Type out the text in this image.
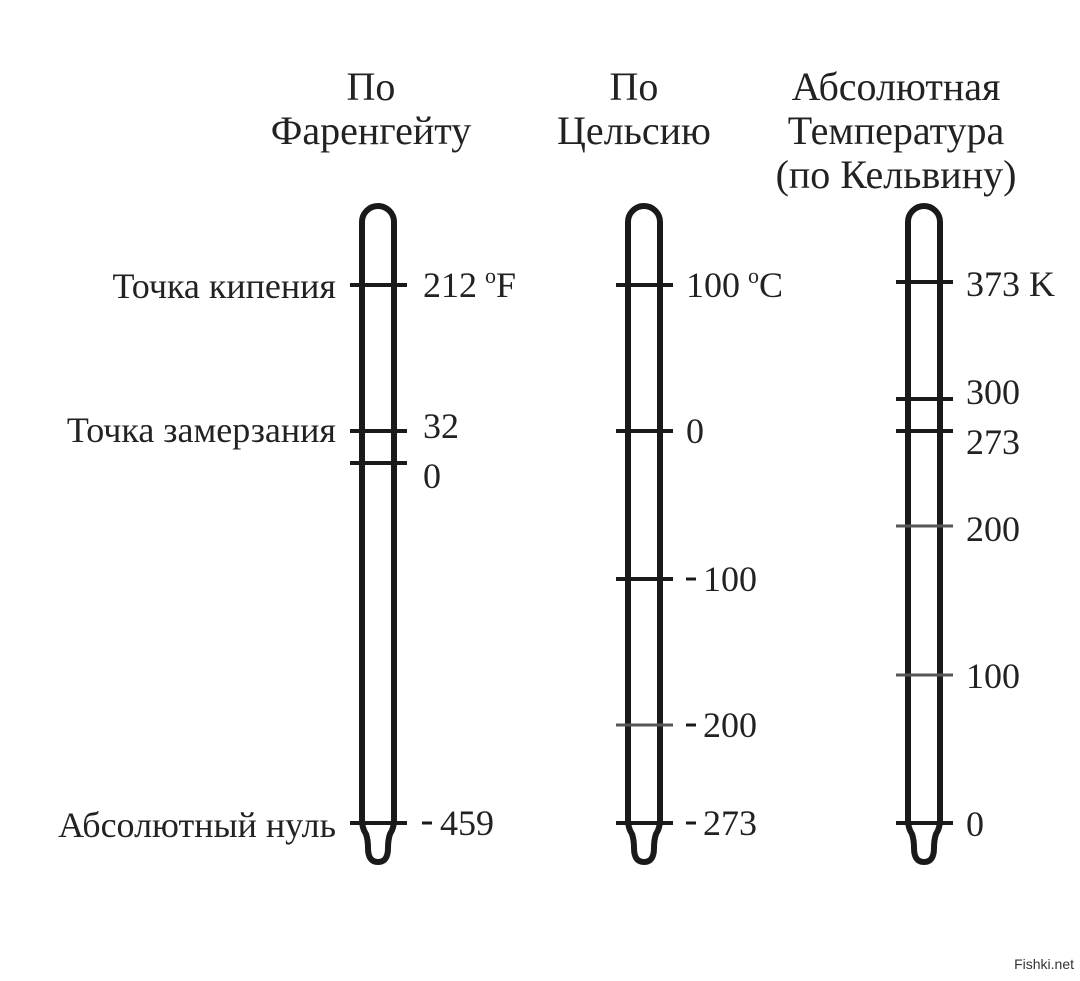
По
Фаренгейту
По
Цельсию
Абсолютная
Температура
(по Кельвину)
212 $^o$F
32
0
459
Точка кипения
Точка замерзания
Абсолютный нуль
100 $^o$C
0
100
200
273
373 K
300
273
200
100
0
Fishki.net
